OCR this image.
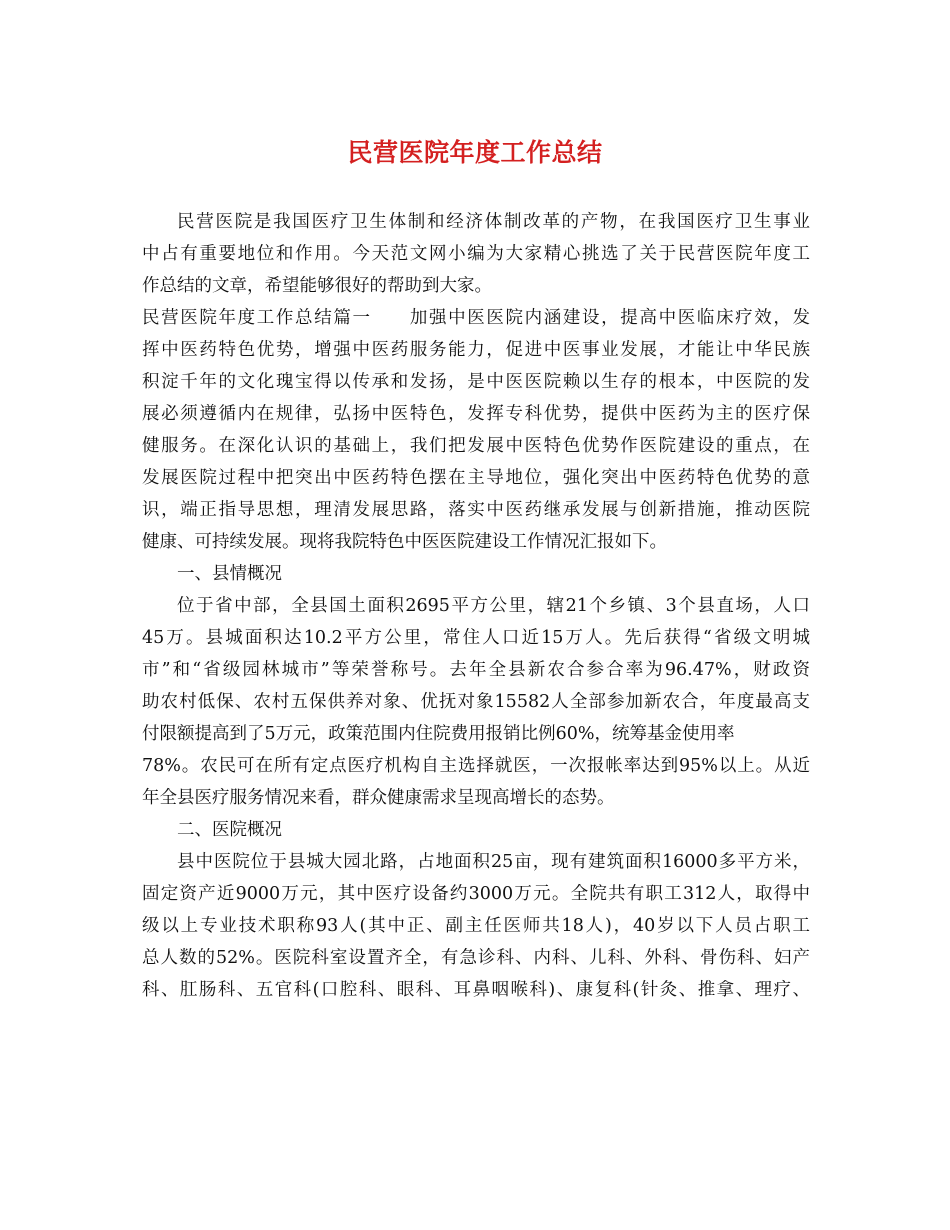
民营医院年度工作总结
民营医院是我国医疗卫生体制和经济体制改革的产物，在我国医疗卫生事业
中占有重要地位和作用。今天范文网小编为大家精心挑选了关于民营医院年度工
作总结的文章，希望能够很好的帮助到大家。
民营医院年度工作总结篇一　　加强中医医院内涵建设，提高中医临床疗效，发
挥中医药特色优势，增强中医药服务能力，促进中医事业发展，才能让中华民族
积淀千年的文化瑰宝得以传承和发扬，是中医医院赖以生存的根本，中医院的发
展必须遵循内在规律，弘扬中医特色，发挥专科优势，提供中医药为主的医疗保
健服务。在深化认识的基础上，我们把发展中医特色优势作医院建设的重点，在
发展医院过程中把突出中医药特色摆在主导地位，强化突出中医药特色优势的意
识，端正指导思想，理清发展思路，落实中医药继承发展与创新措施，推动医院
健康、可持续发展。现将我院特色中医医院建设工作情况汇报如下。
一、县情概况
位于省中部，全县国土面积2695平方公里，辖21个乡镇、3个县直场，人口
45万。县城面积达10.2平方公里，常住人口近15万人。先后获得“省级文明城
市”和“省级园林城市”等荣誉称号。去年全县新农合参合率为96.47%，财政资
助农村低保、农村五保供养对象、优抚对象15582人全部参加新农合，年度最高支
付限额提高到了5万元，政策范围内住院费用报销比例60%，统筹基金使用率
78%。农民可在所有定点医疗机构自主选择就医，一次报帐率达到95%以上。从近
年全县医疗服务情况来看，群众健康需求呈现高增长的态势。
二、医院概况
县中医院位于县城大园北路，占地面积25亩，现有建筑面积16000多平方米，
固定资产近9000万元，其中医疗设备约3000万元。全院共有职工312人，取得中
级以上专业技术职称93人(其中正、副主任医师共18人)，40岁以下人员占职工
总人数的52%。医院科室设置齐全，有急诊科、内科、儿科、外科、骨伤科、妇产
科、肛肠科、五官科(口腔科、眼科、耳鼻咽喉科)、康复科(针灸、推拿、理疗、
